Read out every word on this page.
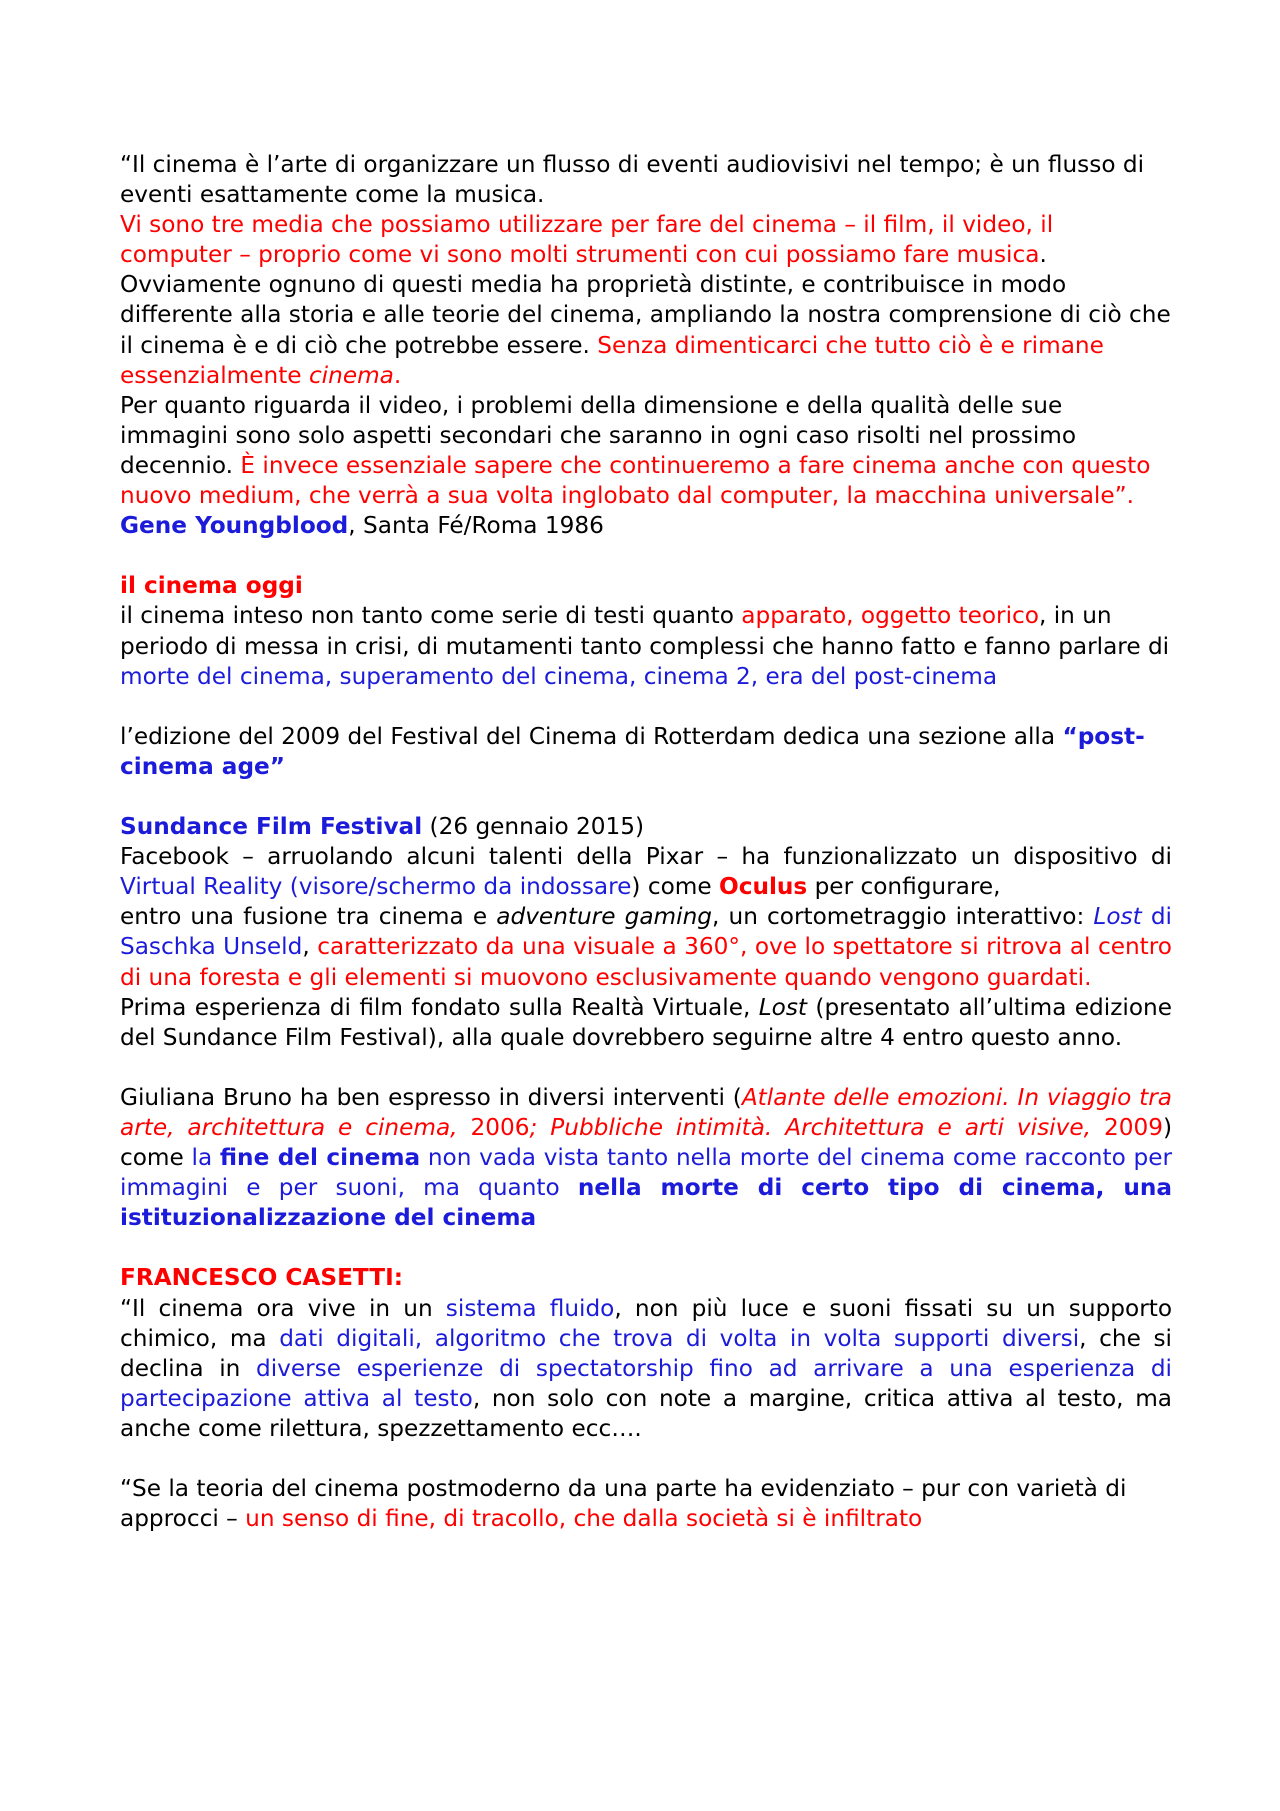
“Il cinema è l’arte di organizzare un flusso di eventi audiovisivi nel tempo; è un flusso di eventi esattamente come la musica.
Vi sono tre media che possiamo utilizzare per fare del cinema – il film, il video, il computer – proprio come vi sono molti strumenti con cui possiamo fare musica. Ovviamente ognuno di questi media ha proprietà distinte, e contribuisce in modo differente alla storia e alle teorie del cinema, ampliando la nostra comprensione di ciò che il cinema è e di ciò che potrebbe essere. Senza dimenticarci che tutto ciò è e rimane essenzialmente cinema.
Per quanto riguarda il video, i problemi della dimensione e della qualità delle sue immagini sono solo aspetti secondari che saranno in ogni caso risolti nel prossimo decennio. È invece essenziale sapere che continueremo a fare cinema anche con questo nuovo medium, che verrà a sua volta inglobato dal computer, la macchina universale”.
Gene Youngblood, Santa Fé/Roma 1986

il cinema oggi
il cinema inteso non tanto come serie di testi quanto apparato, oggetto teorico, in un periodo di messa in crisi, di mutamenti tanto complessi che hanno fatto e fanno parlare di morte del cinema, superamento del cinema, cinema 2, era del post-cinema

l’edizione del 2009 del Festival del Cinema di Rotterdam dedica una sezione alla “post-cinema age”

Sundance Film Festival (26 gennaio 2015)
Facebook – arruolando alcuni talenti della Pixar – ha funzionalizzato un dispositivo di Virtual Reality (visore/schermo da indossare) come Oculus per configurare,

entro una fusione tra cinema e adventure gaming, un cortometraggio interattivo: Lost di Saschka Unseld, caratterizzato da una visuale a 360°, ove lo spettatore si ritrova al centro di una foresta e gli elementi si muovono esclusivamente quando vengono guardati.

Prima esperienza di film fondato sulla Realtà Virtuale, Lost (presentato all’ultima edizione del Sundance Film Festival), alla quale dovrebbero seguirne altre 4 entro questo anno.

Giuliana Bruno ha ben espresso in diversi interventi (Atlante delle emozioni. In viaggio tra arte, architettura e cinema, 2006; Pubbliche intimità. Architettura e arti visive, 2009) come la fine del cinema non vada vista tanto nella morte del cinema come racconto per immagini e per suoni, ma quanto nella morte di certo tipo di cinema, una istituzionalizzazione del cinema

FRANCESCO CASETTI:
“Il cinema ora vive in un sistema fluido, non più luce e suoni fissati su un supporto chimico, ma dati digitali, algoritmo che trova di volta in volta supporti diversi, che si declina in diverse esperienze di spectatorship fino ad arrivare a una esperienza di partecipazione attiva al testo, non solo con note a margine, critica attiva al testo, ma anche come rilettura, spezzettamento ecc….

“Se la teoria del cinema postmoderno da una parte ha evidenziato – pur con varietà di approcci – un senso di fine, di tracollo, che dalla società si è infiltrato
